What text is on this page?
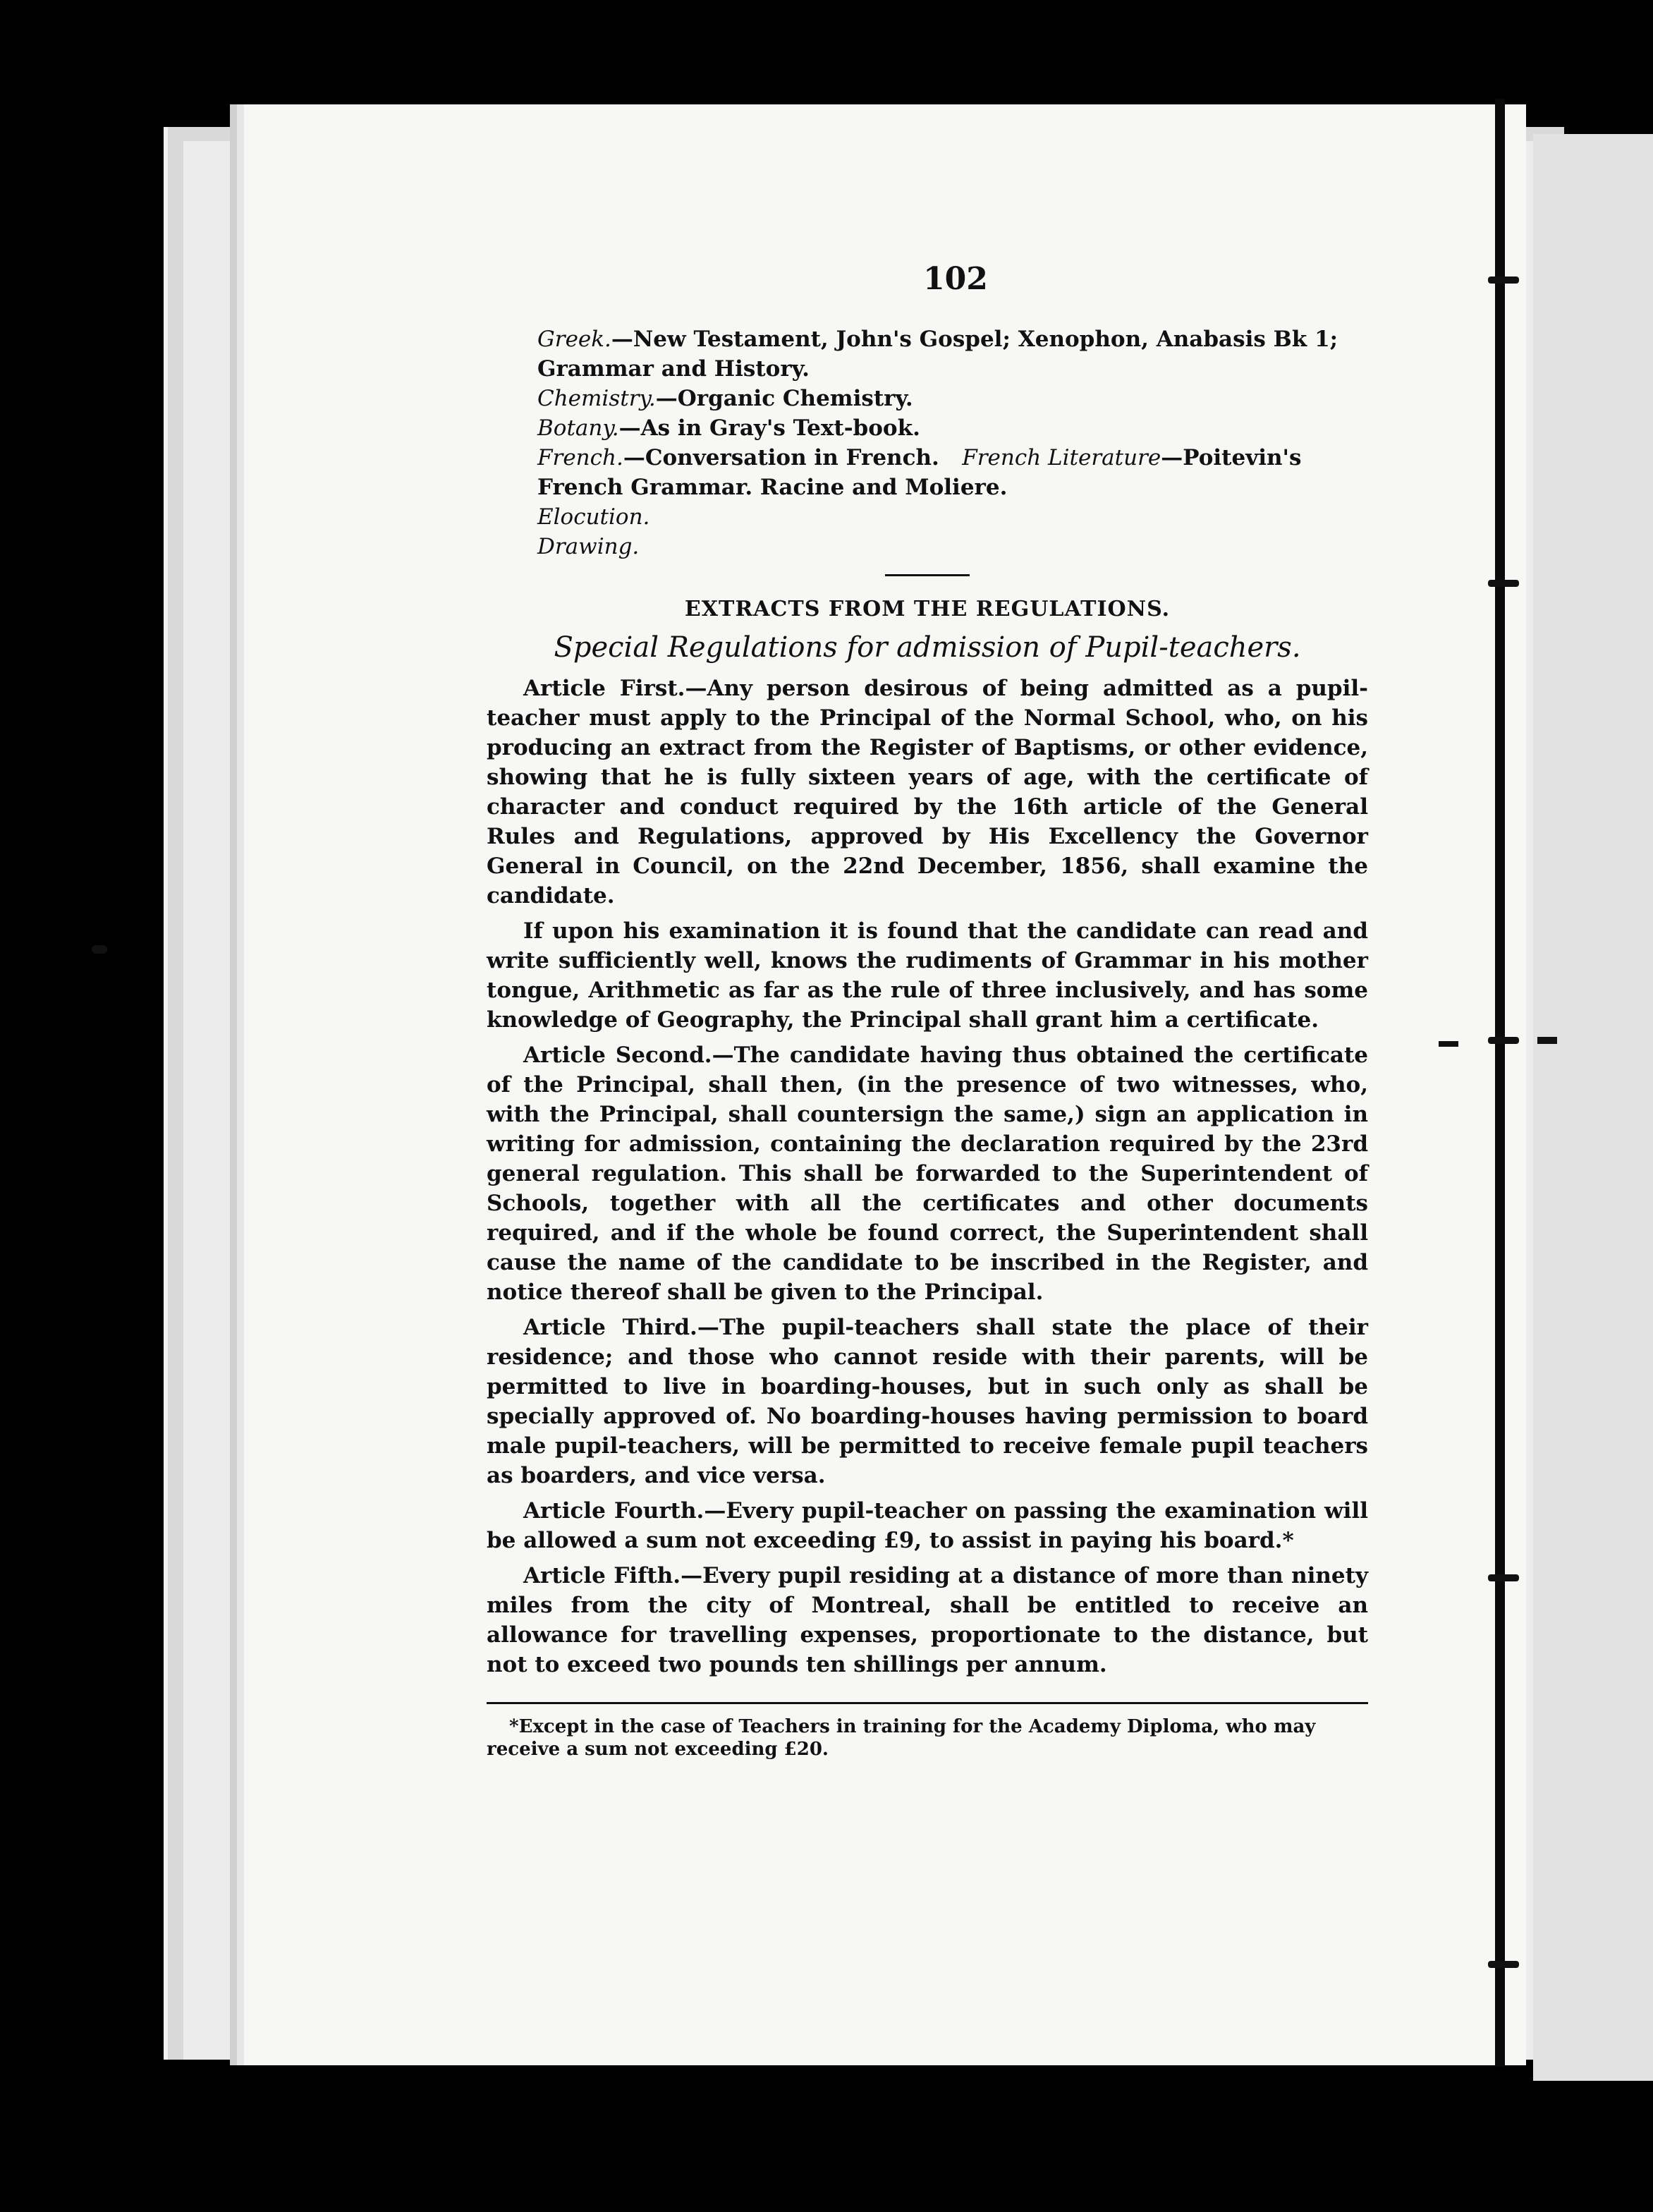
102

Greek.—New Testament, John's Gospel; Xenophon, Anabasis Bk 1; Grammar and History.

Chemistry.—Organic Chemistry.

Botany.—As in Gray's Text-book.

French.—Conversation in French. French Literature—Poitevin's French Grammar. Racine and Moliere.

Elocution.

Drawing.

EXTRACTS FROM THE REGULATIONS.
Special Regulations for admission of Pupil-teachers.

Article First.—Any person desirous of being admitted as a pupil-teacher must apply to the Principal of the Normal School, who, on his producing an extract from the Register of Baptisms, or other evidence, showing that he is fully sixteen years of age, with the certificate of character and conduct required by the 16th article of the General Rules and Regulations, approved by His Excellency the Governor General in Council, on the 22nd December, 1856, shall examine the candidate.

If upon his examination it is found that the candidate can read and write sufficiently well, knows the rudiments of Grammar in his mother tongue, Arithmetic as far as the rule of three inclusively, and has some knowledge of Geography, the Principal shall grant him a certificate.

Article Second.—The candidate having thus obtained the certificate of the Principal, shall then, (in the presence of two witnesses, who, with the Principal, shall countersign the same,) sign an application in writing for admission, containing the declaration required by the 23rd general regulation. This shall be forwarded to the Superintendent of Schools, together with all the certificates and other documents required, and if the whole be found correct, the Superintendent shall cause the name of the candidate to be inscribed in the Register, and notice thereof shall be given to the Principal.

Article Third.—The pupil-teachers shall state the place of their residence; and those who cannot reside with their parents, will be permitted to live in boarding-houses, but in such only as shall be specially approved of. No boarding-houses having permission to board male pupil-teachers, will be permitted to receive female pupil teachers as boarders, and vice versa.

Article Fourth.—Every pupil-teacher on passing the examination will be allowed a sum not exceeding £9, to assist in paying his board.*

Article Fifth.—Every pupil residing at a distance of more than ninety miles from the city of Montreal, shall be entitled to receive an allowance for travelling expenses, proportionate to the distance, but not to exceed two pounds ten shillings per annum.

*Except in the case of Teachers in training for the Academy Diploma, who may receive a sum not exceeding £20.
